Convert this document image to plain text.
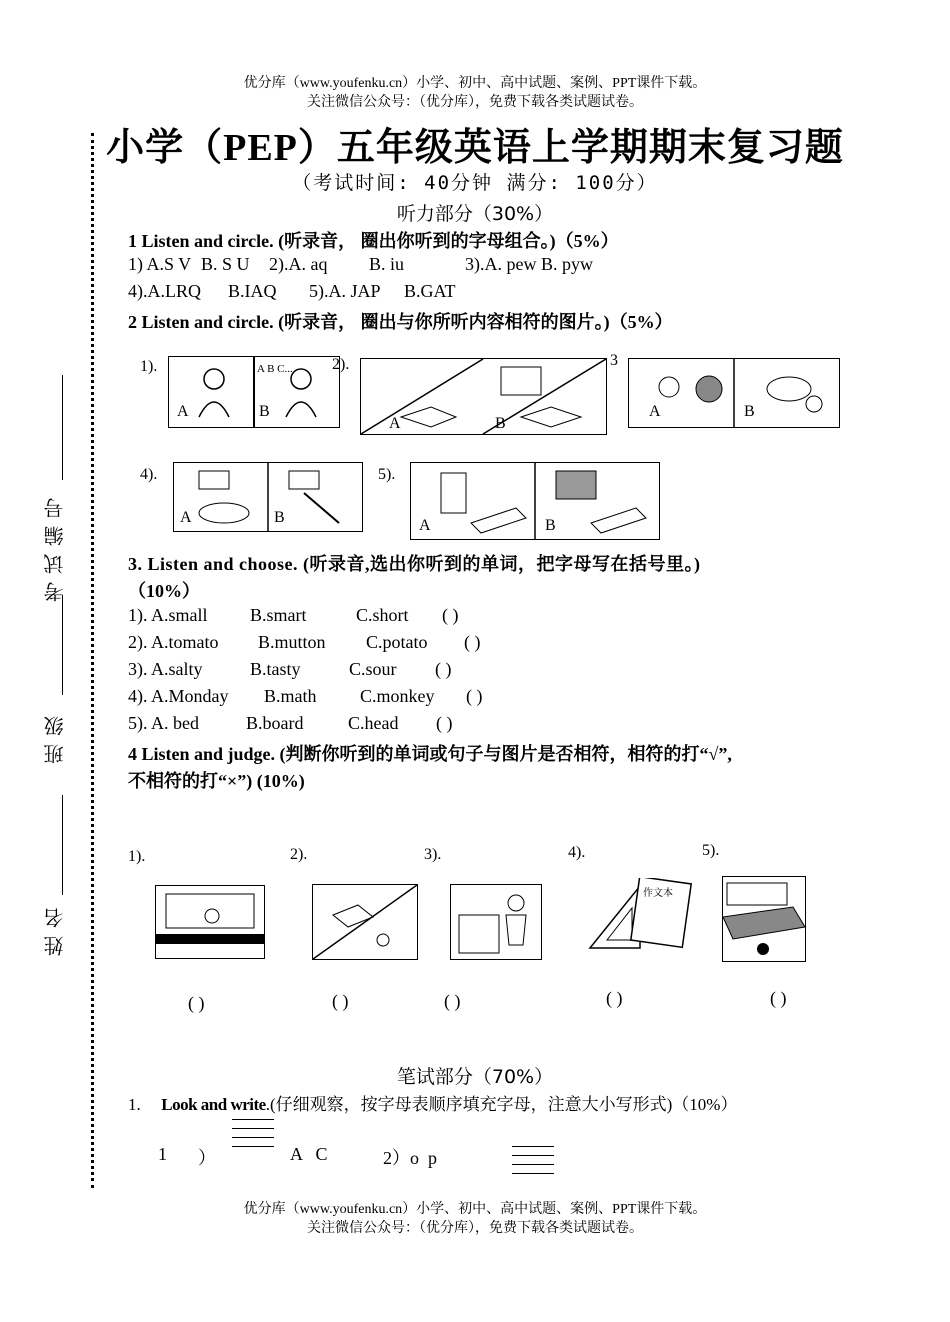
优分库（www.youfenku.cn）小学、初中、高中试题、案例、PPT课件下载。
关注微信公众号：（优分库），免费下载各类试题试卷。
考试编号
班级
姓名
小学（PEP）五年级英语上学期期末复习题
（考试时间: 40分钟 满分: 100分）
听力部分（30%）
1 Listen and circle. (听录音， 圈出你听到的字母组合。)（5%）
1) A.S V B. S U 2).A. aq B. iu	3).A. pew B. pyw
4).A.LRQ B.IAQ 5).A. JAP B.GAT
2 Listen and circle. (听录音， 圈出与你所听内容相符的图片。)（5%）
1).
A	B
A B C... 2).
A	B
3
A	B
4).
A	B
5).
A	B
3. Listen and choose. (听录音,选出你听到的单词，把字母写在括号里。)
（10%）
1). A.small B.smart	C.short ( )
2). A.tomato B.mutton C.potato ( )
3). A.salty	B.tasty	C.sour ( )
4). A.Monday B.math C.monkey ( )
5). A. bed	B.board C.head ( )
4 Listen and judge. (判断你听到的单词或句子与图片是否相符，相符的打“√”,
不相符的打“×”) (10%)
1).	2).	3).	4).	5).
作文本
( )	( )	( )	( )	( )
笔试部分（70%）
1. Look and write.(仔细观察，按字母表顺序填充字母，注意大小写形式)（10%）
1 ）	A   C	2）o  p
优分库（www.youfenku.cn）小学、初中、高中试题、案例、PPT课件下载。
关注微信公众号：（优分库），免费下载各类试题试卷。
